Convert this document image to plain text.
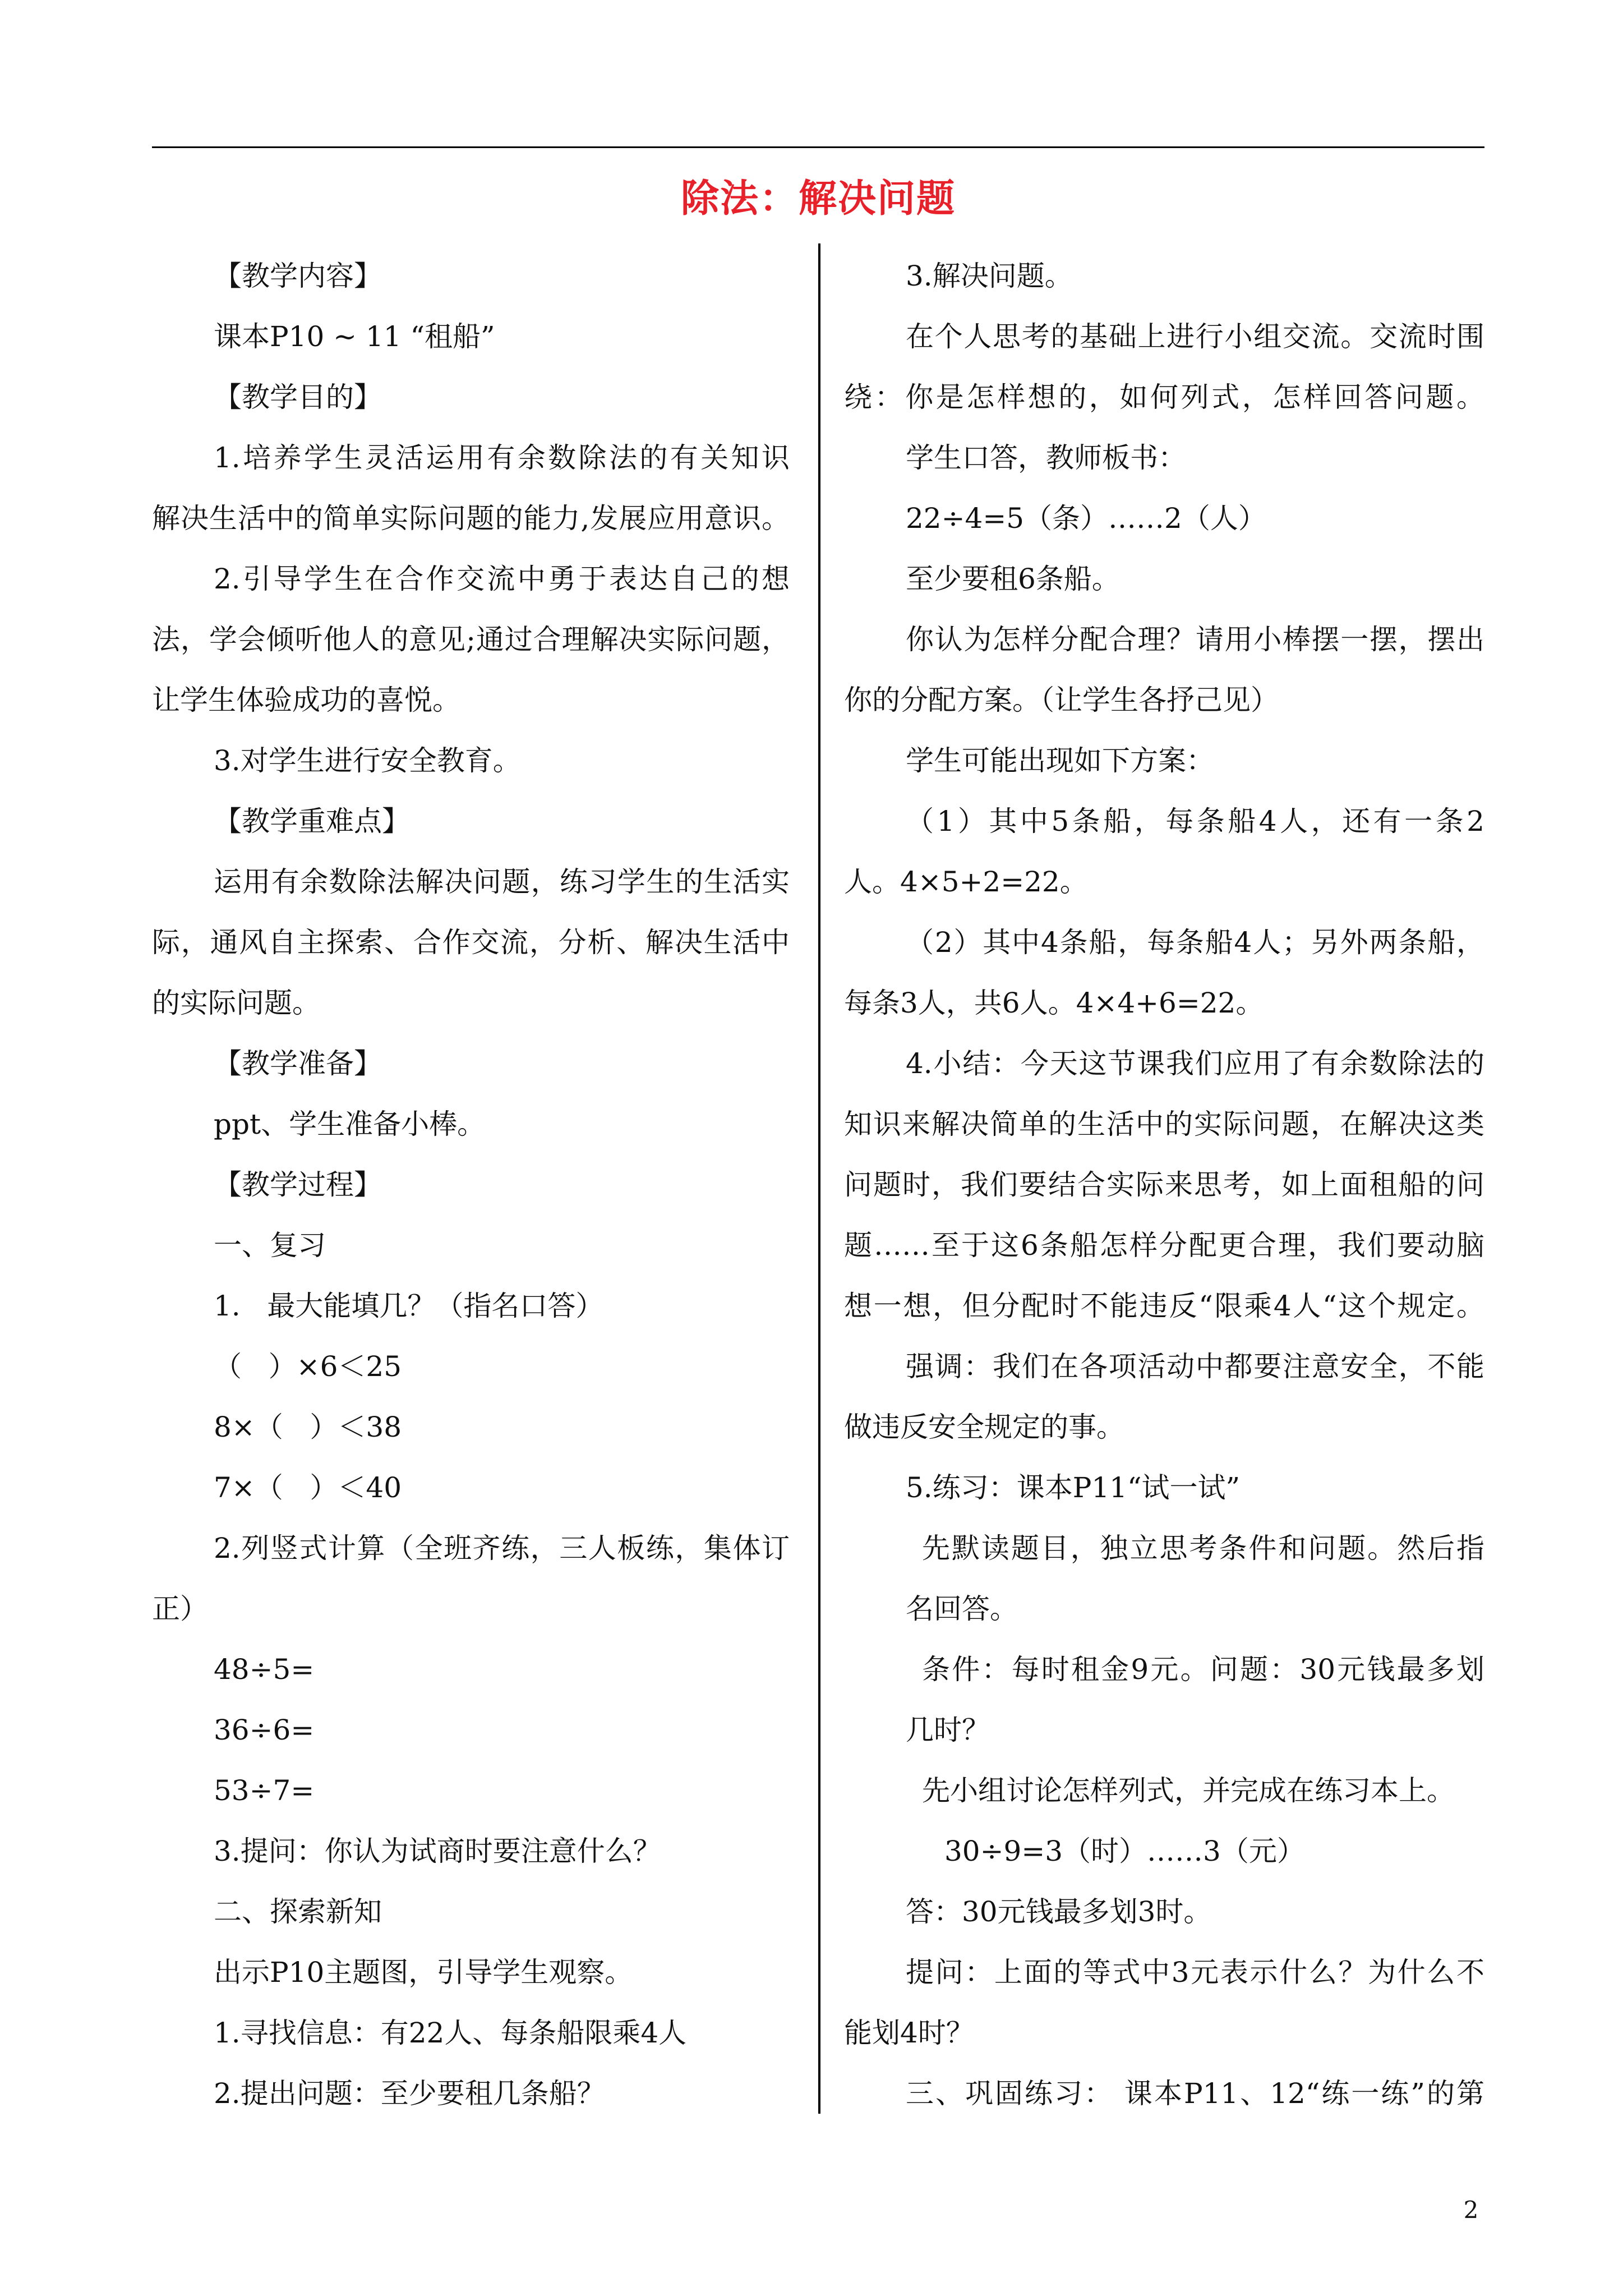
除法：解决问题
【教学内容】
课本P10 ~ 11 “租船”
【教学目的】
1.培养学生灵活运用有余数除法的有关知识
解决生活中的简单实际问题的能力,发展应用意识。
2.引导学生在合作交流中勇于表达自己的想
法，学会倾听他人的意见;通过合理解决实际问题，
让学生体验成功的喜悦。
3.对学生进行安全教育。
【教学重难点】
运用有余数除法解决问题，练习学生的生活实
际，通风自主探索、合作交流，分析、解决生活中
的实际问题。
【教学准备】
ppt、学生准备小棒。
【教学过程】
一、复习
1.   最大能填几？（指名口答）
（   ）×6＜25
8×（   ）＜38
7×（   ）＜40
2.列竖式计算（全班齐练，三人板练，集体订
正）
48÷5=
36÷6=
53÷7=
3.提问：你认为试商时要注意什么？
二、探索新知
出示P10主题图，引导学生观察。
1.寻找信息：有22人、每条船限乘4人
2.提出问题：至少要租几条船？
3.解决问题。
在个人思考的基础上进行小组交流。交流时围
绕：你是怎样想的，如何列式，怎样回答问题。
学生口答，教师板书：
22÷4=5（条）……2（人）
至少要租6条船。
你认为怎样分配合理？请用小棒摆一摆，摆出
你的分配方案。（让学生各抒己见）
学生可能出现如下方案：
（1）其中5条船，每条船4人，还有一条2
人。4×5+2=22。
（2）其中4条船，每条船4人；另外两条船，
每条3人，共6人。4×4+6=22。
4.小结：今天这节课我们应用了有余数除法的
知识来解决简单的生活中的实际问题，在解决这类
问题时，我们要结合实际来思考，如上面租船的问
题……至于这6条船怎样分配更合理，我们要动脑
想一想，但分配时不能违反“限乘4人“这个规定。
强调：我们在各项活动中都要注意安全，不能
做违反安全规定的事。
5.练习：课本P11“试一试”
先默读题目，独立思考条件和问题。然后指
名回答。
条件：每时租金9元。问题：30元钱最多划
几时？
先小组讨论怎样列式，并完成在练习本上。
30÷9=3（时）……3（元）
答：30元钱最多划3时。
提问：上面的等式中3元表示什么？为什么不
能划4时？
三、巩固练习： 课本P11、12“练一练”的第
2
